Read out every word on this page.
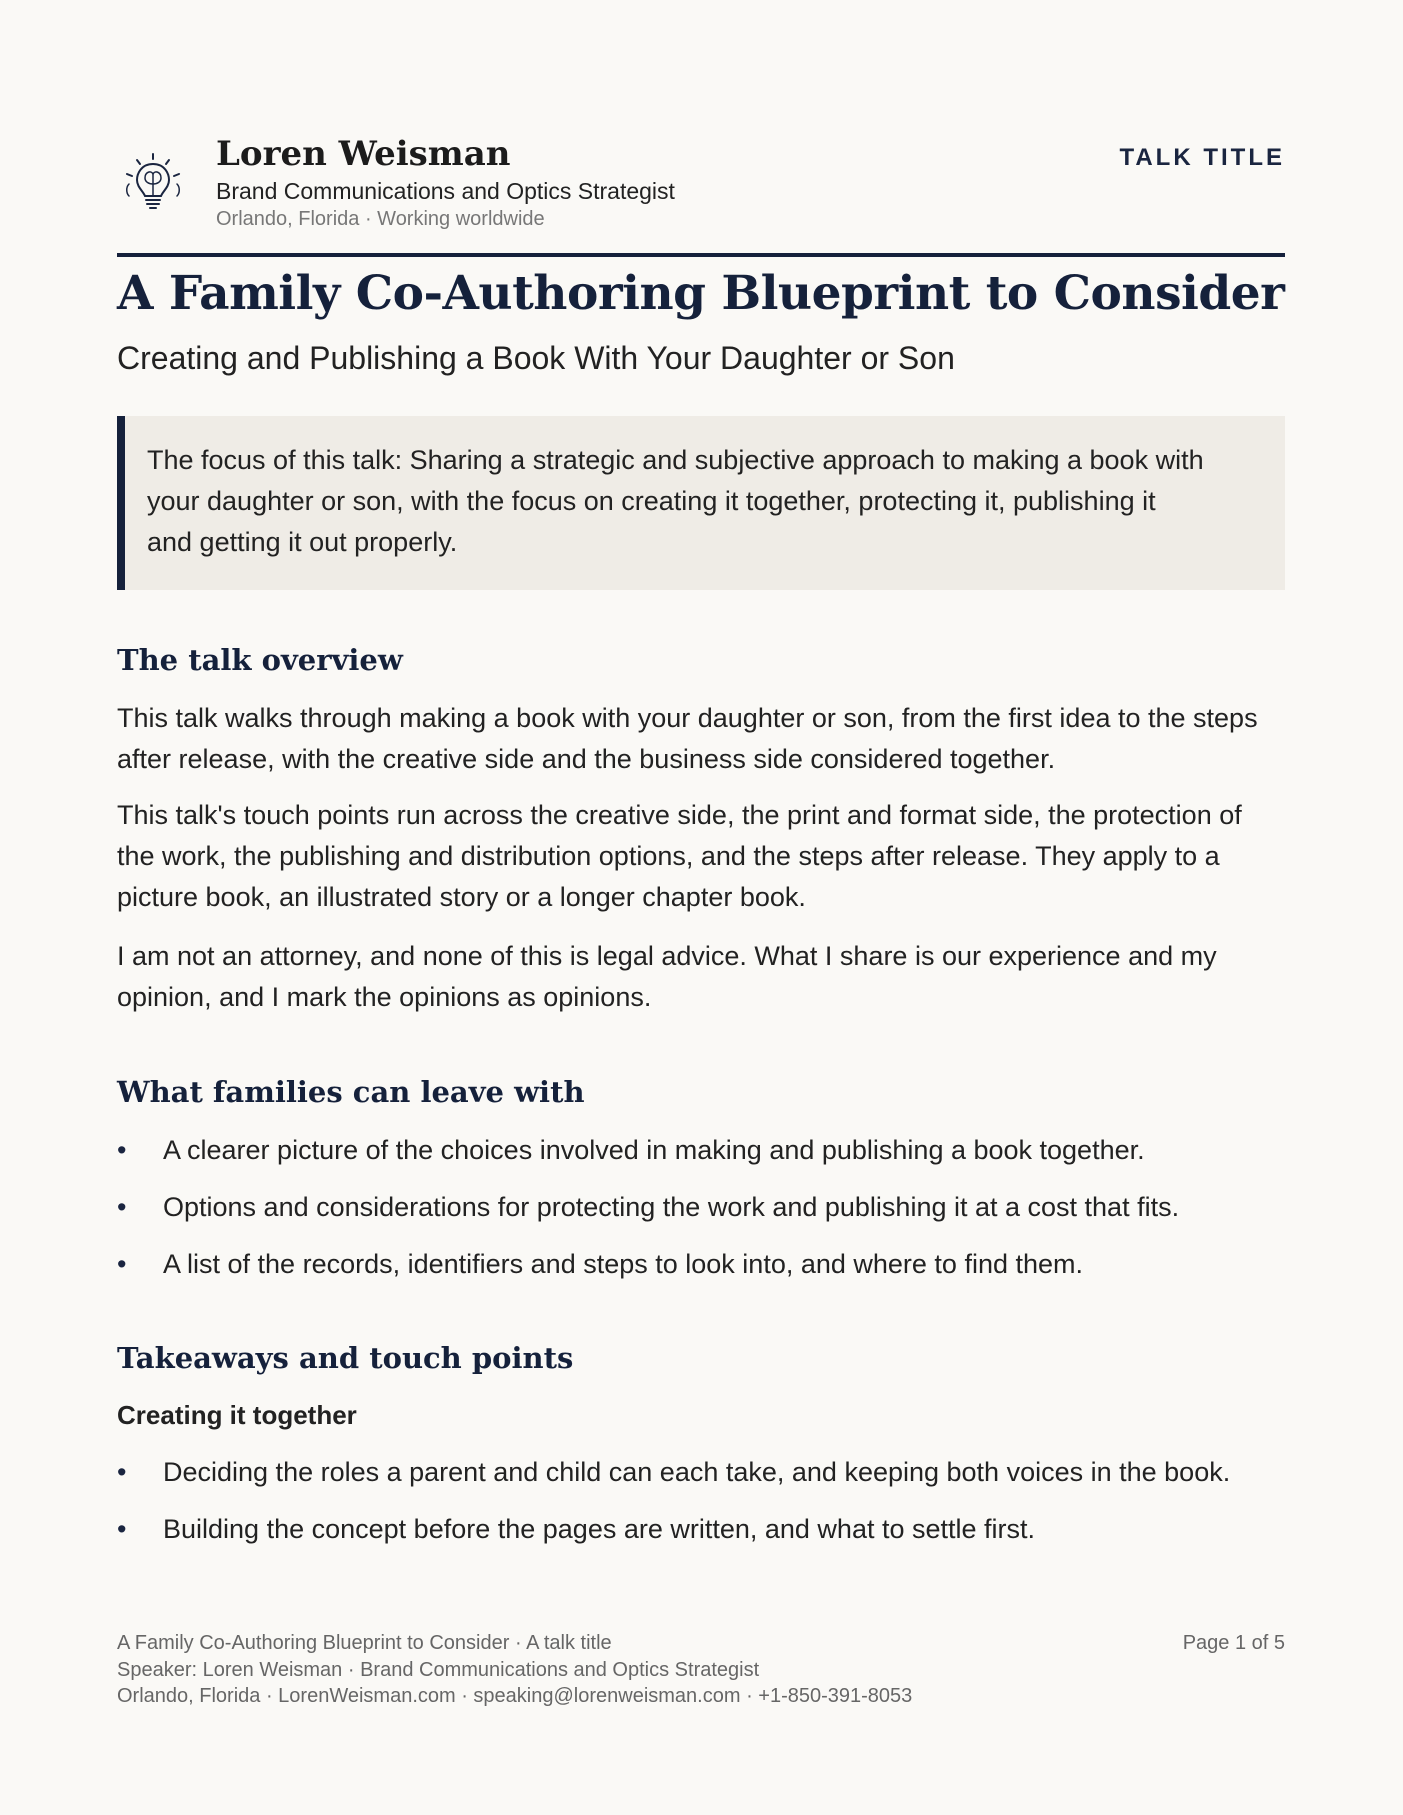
Loren Weisman
Brand Communications and Optics Strategist
Orlando, Florida · Working worldwide
TALK TITLE
A Family Co-Authoring Blueprint to Consider
Creating and Publishing a Book With Your Daughter or Son

The focus of this talk: Sharing a strategic and subjective approach to making a book with your daughter or son, with the focus on creating it together, protecting it, publishing it and getting it out properly.

The talk overview

This talk walks through making a book with your daughter or son, from the first idea to the steps after release, with the creative side and the business side considered together.

This talk's touch points run across the creative side, the print and format side, the protection of the work, the publishing and distribution options, and the steps after release. They apply to a picture book, an illustrated story or a longer chapter book.

I am not an attorney, and none of this is legal advice. What I share is our experience and my opinion, and I mark the opinions as opinions.

What families can leave with
• A clearer picture of the choices involved in making and publishing a book together.
• Options and considerations for protecting the work and publishing it at a cost that fits.
• A list of the records, identifiers and steps to look into, and where to find them.
Takeaways and touch points
Creating it together
• Deciding the roles a parent and child can each take, and keeping both voices in the book.
• Building the concept before the pages are written, and what to settle first.
A Family Co-Authoring Blueprint to Consider · A talk title
Speaker: Loren Weisman · Brand Communications and Optics Strategist
Orlando, Florida · LorenWeisman.com · speaking@lorenweisman.com · +1-850-391-8053
Page 1 of 5
